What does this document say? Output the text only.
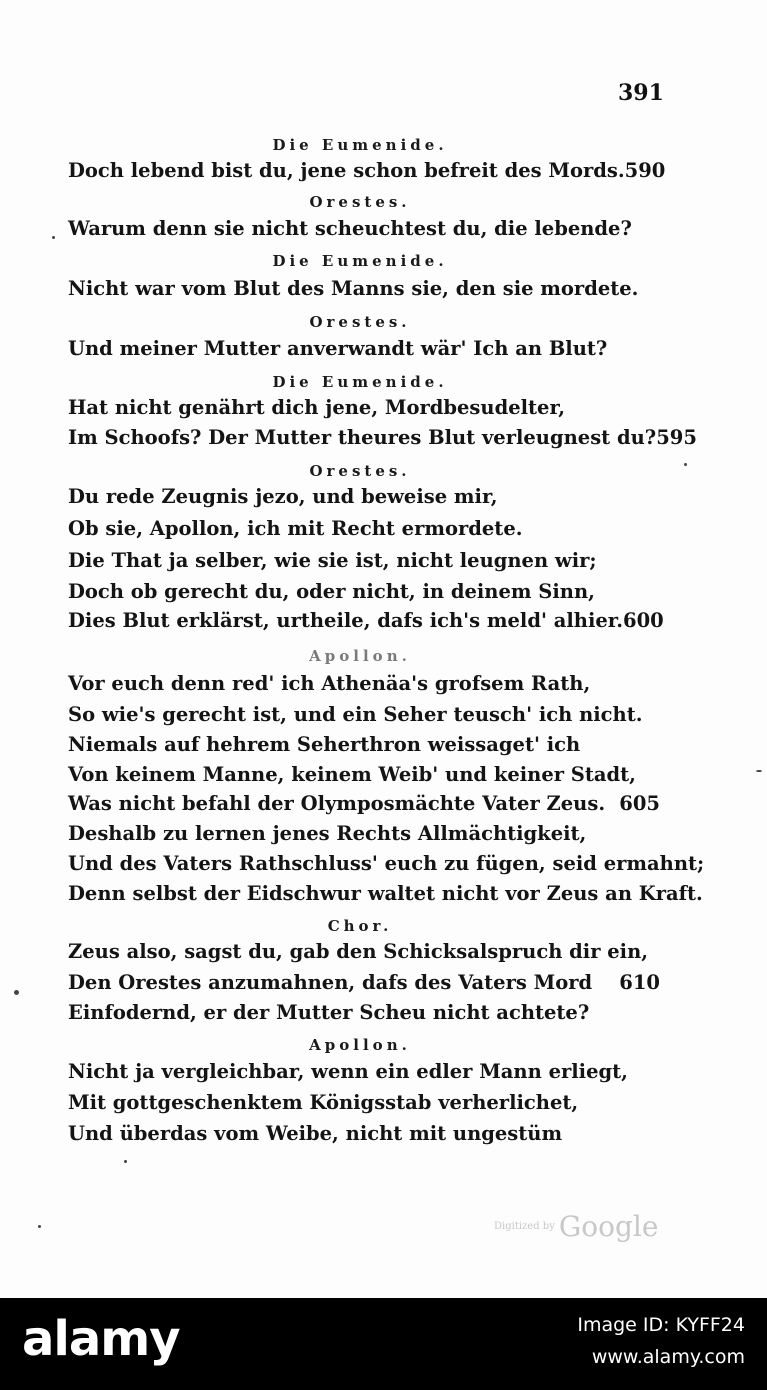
391
Die Eumenide.
Doch lebend bist du, jene schon befreit des Mords. 590
Orestes.
Warum denn sie nicht scheuchtest du, die lebende?
Die Eumenide.
Nicht war vom Blut des Manns sie, den sie mordete.
Orestes.
Und meiner Mutter anverwandt wär' Ich an Blut?
Die Eumenide.
Hat nicht genährt dich jene, Mordbesudelter,
Im Schoofs? Der Mutter theures Blut verleugnest du? 595
Orestes.
Du rede Zeugnis jezo, und beweise mir,
Ob sie, Apollon, ich mit Recht ermordete.
Die That ja selber, wie sie ist, nicht leugnen wir;
Doch ob gerecht du, oder nicht, in deinem Sinn,
Dies Blut erklärst, urtheile, dafs ich's meld' alhier. 600
Apollon.
Vor euch denn red' ich Athenäa's grofsem Rath,
So wie's gerecht ist, und ein Seher teusch' ich nicht.
Niemals auf hehrem Seherthron weissaget' ich
Von keinem Manne, keinem Weib' und keiner Stadt,
Was nicht befahl der Olymposmächte Vater Zeus. 605
Deshalb zu lernen jenes Rechts Allmächtigkeit,
Und des Vaters Rathschluss' euch zu fügen, seid ermahnt;
Denn selbst der Eidschwur waltet nicht vor Zeus an Kraft.
Chor.
Zeus also, sagst du, gab den Schicksalspruch dir ein,
Den Orestes anzumahnen, dafs des Vaters Mord 610
Einfodernd, er der Mutter Scheu nicht achtete?
Apollon.
Nicht ja vergleichbar, wenn ein edler Mann erliegt,
Mit gottgeschenktem Königsstab verherlichet,
Und überdas vom Weibe, nicht mit ungestüm
Digitized by Google
alamy	Image ID: KYFF24
www.alamy.com
